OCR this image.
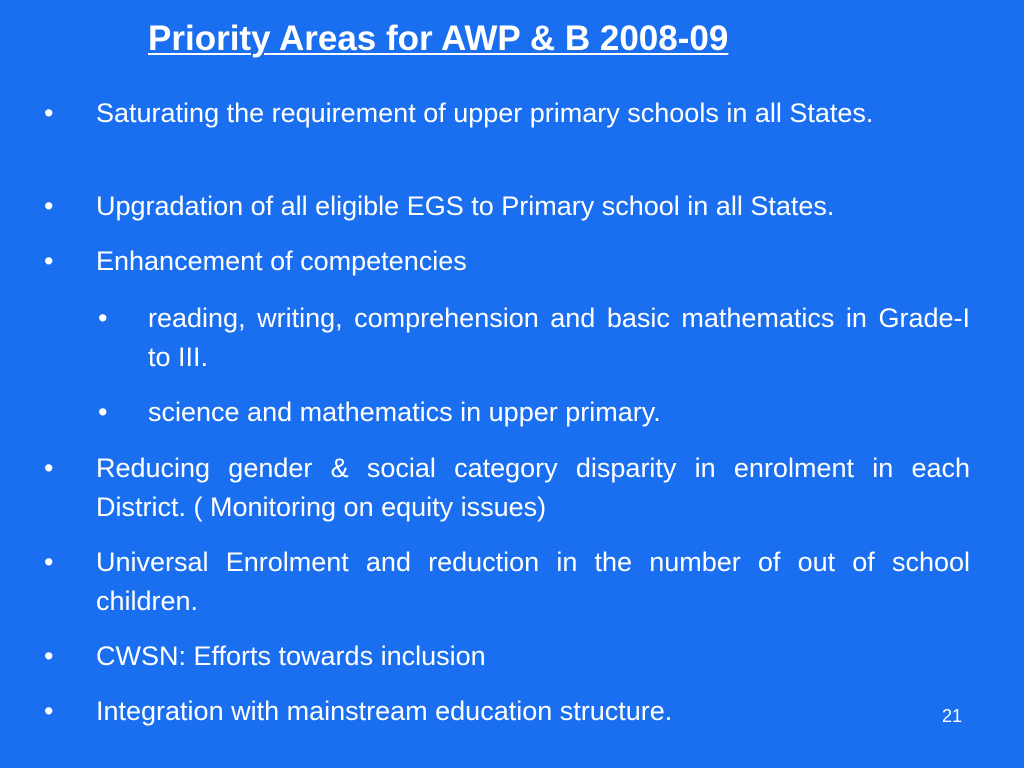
Priority Areas for AWP & B 2008-09
• Saturating the requirement of upper primary schools in all States.
• Upgradation of all eligible EGS to Primary school in all States.
• Enhancement of competencies
• reading, writing, comprehension and basic mathematics in Grade-I to III.
• science and mathematics in upper primary.
• Reducing gender & social category disparity in enrolment in each District. ( Monitoring on equity issues)
• Universal Enrolment and reduction in the number of out of school children.
• CWSN: Efforts towards inclusion
• Integration with mainstream education structure.	21
